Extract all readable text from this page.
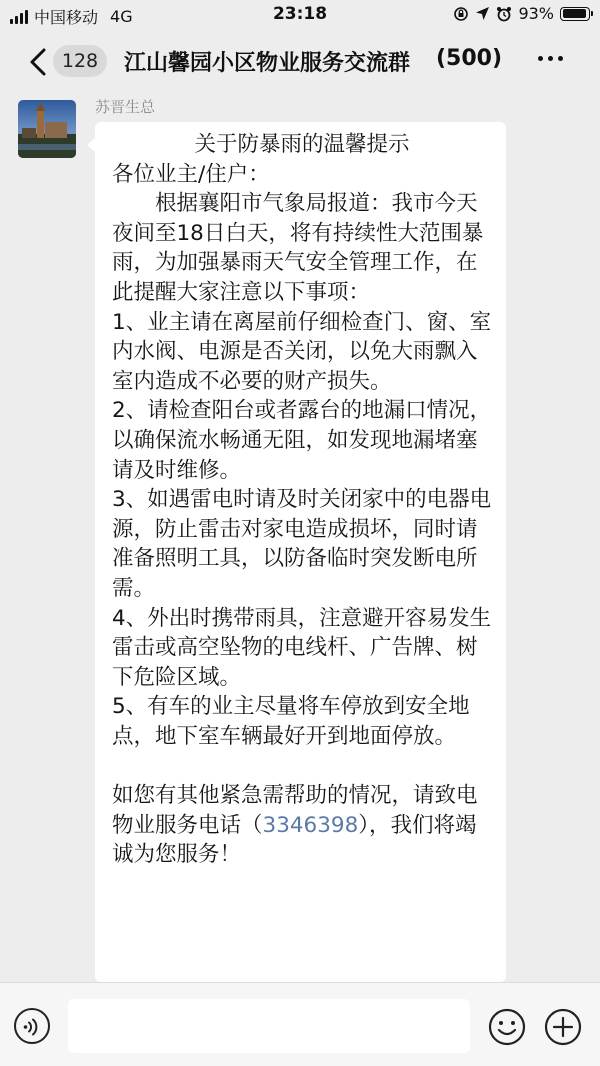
中国移动 4G	23:18	93%
128	江山馨园小区物业服务交流群 (500)
苏晋生总
关于防暴雨的温馨提示
各位业主/住户：
　　根据襄阳市气象局报道：我市今天夜间至18日白天，将有持续性大范围暴雨，为加强暴雨天气安全管理工作，在此提醒大家注意以下事项：
1、业主请在离屋前仔细检查门、窗、室内水阀、电源是否关闭，以免大雨飘入室内造成不必要的财产损失。
2、请检查阳台或者露台的地漏口情况，以确保流水畅通无阻，如发现地漏堵塞请及时维修。
3、如遇雷电时请及时关闭家中的电器电源，防止雷击对家电造成损坏，同时请准备照明工具，以防备临时突发断电所需。
4、外出时携带雨具，注意避开容易发生雷击或高空坠物的电线杆、广告牌、树下危险区域。
5、有车的业主尽量将车停放到安全地点，地下室车辆最好开到地面停放。

如您有其他紧急需帮助的情况，请致电物业服务电话（3346398），我们将竭诚为您服务！
